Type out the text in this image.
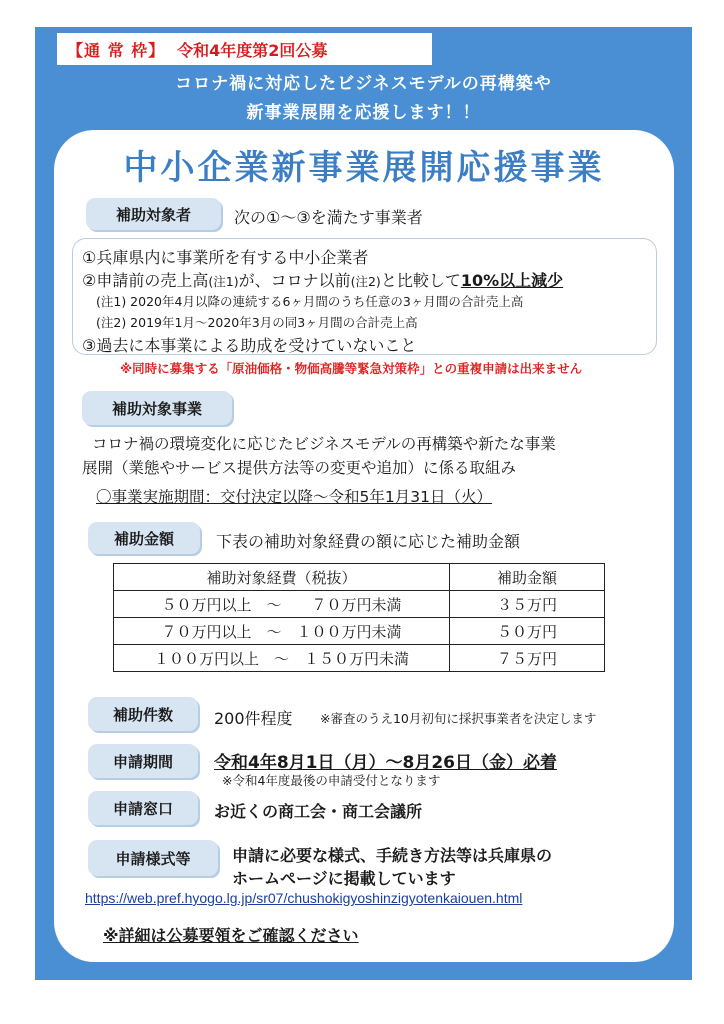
【通 常 枠】 令和4年度第2回公募
コロナ禍に対応したビジネスモデルの再構築や
新事業展開を応援します！！
中小企業新事業展開応援事業
補助対象者	次の①～③を満たす事業者
①兵庫県内に事業所を有する中小企業者
②申請前の売上高(注1)が、コロナ以前(注2)と比較して10%以上減少
(注1) 2020年4月以降の連続する6ヶ月間のうち任意の3ヶ月間の合計売上高
(注2) 2019年1月～2020年3月の同3ヶ月間の合計売上高
③過去に本事業による助成を受けていないこと
※同時に募集する「原油価格・物価高騰等緊急対策枠」との重複申請は出来ません
補助対象事業
コロナ禍の環境変化に応じたビジネスモデルの再構築や新たな事業
展開（業態やサービス提供方法等の変更や追加）に係る取組み
〇事業実施期間：交付決定以降～令和5年1月31日（火）
補助金額	下表の補助対象経費の額に応じた補助金額
補助対象経費（税抜）	補助金額
５０万円以上　～　　７０万円未満	３５万円
７０万円以上　～　１００万円未満	５０万円
１００万円以上　～　１５０万円未満	７５万円
補助件数	200件程度 ※審査のうえ10月初旬に採択事業者を決定します
申請期間	令和4年8月1日（月）～8月26日（金）必着
※令和4年度最後の申請受付となります
申請窓口	お近くの商工会・商工会議所
申請様式等	申請に必要な様式、手続き方法等は兵庫県の
ホームページに掲載しています
https://web.pref.hyogo.lg.jp/sr07/chushokigyoshinzigyotenkaiouen.html
※詳細は公募要領をご確認ください
